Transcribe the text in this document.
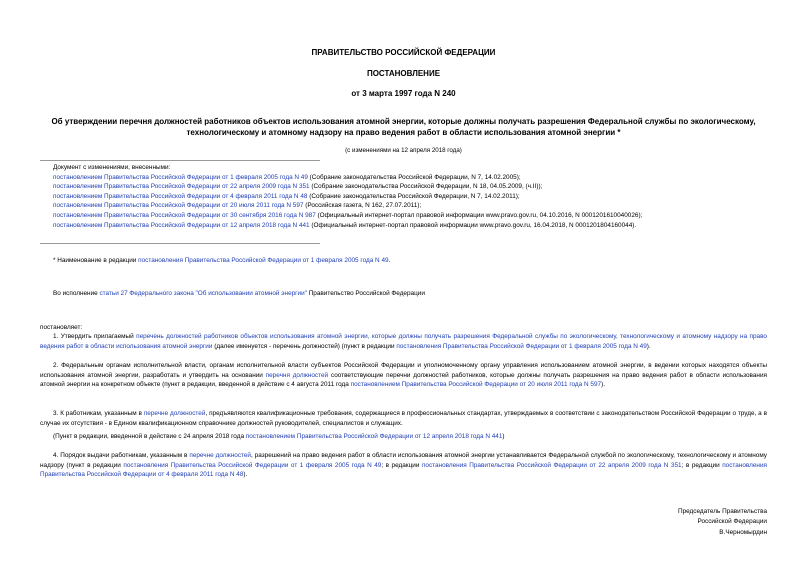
ПРАВИТЕЛЬСТВО РОССИЙСКОЙ ФЕДЕРАЦИИ
ПОСТАНОВЛЕНИЕ
от 3 марта 1997 года N 240
Об утверждении перечня должностей работников объектов использования атомной энергии, которые должны получать разрешения Федеральной службы по экологическому, технологическому и атомному надзору на право ведения работ в области использования атомной энергии *
(с изменениями на 12 апреля 2018 года)
Документ с изменениями, внесенными:
постановлением Правительства Российской Федерации от 1 февраля 2005 года N 49 (Собрание законодательства Российской Федерации, N 7, 14.02.2005);
постановлением Правительства Российской Федерации от 22 апреля 2009 года N 351 (Собрание законодательства Российской Федерации, N 18, 04.05.2009, (ч.II));
постановлением Правительства Российской Федерации от 4 февраля 2011 года N 48 (Собрание законодательства Российской Федерации, N 7, 14.02.2011);
постановлением Правительства Российской Федерации от 20 июля 2011 года N 597 (Российская газета, N 162, 27.07.2011);
постановлением Правительства Российской Федерации от 30 сентября 2016 года N 987 (Официальный интернет-портал правовой информации www.pravo.gov.ru, 04.10.2016, N 0001201610040026);
постановлением Правительства Российской Федерации от 12 апреля 2018 года N 441 (Официальный интернет-портал правовой информации www.pravo.gov.ru, 16.04.2018, N 0001201804160044).
* Наименование в редакции постановления Правительства Российской Федерации от 1 февраля 2005 года N 49.
Во исполнение статьи 27 Федерального закона "Об использовании атомной энергии" Правительство Российской Федерации
постановляет:
1. Утвердить прилагаемый перечень должностей работников объектов использования атомной энергии, которые должны получать разрешения Федеральной службы по экологическому, технологическому и атомному надзору на право ведения работ в области использования атомной энергии (далее именуется - перечень должностей) (пункт в редакции постановления Правительства Российской Федерации от 1 февраля 2005 года N 49).
2. Федеральным органам исполнительной власти, органам исполнительной власти субъектов Российской Федерации и уполномоченному органу управления использованием атомной энергии, в ведении которых находятся объекты использования атомной энергии, разработать и утвердить на основании перечня должностей соответствующие перечни должностей работников, которые должны получать разрешения на право ведения работ в области использования атомной энергии на конкретном объекте (пункт в редакции, введенной в действие с 4 августа 2011 года постановлением Правительства Российской Федерации от 20 июля 2011 года N 597).
3. К работникам, указанным в перечне должностей, предъявляются квалификационные требования, содержащиеся в профессиональных стандартах, утверждаемых в соответствии с законодательством Российской Федерации о труде, а в случае их отсутствия - в Едином квалификационном справочнике должностей руководителей, специалистов и служащих.
(Пункт в редакции, введенной в действие с 24 апреля 2018 года постановлением Правительства Российской Федерации от 12 апреля 2018 года N 441)
4. Порядок выдачи работникам, указанным в перечне должностей, разрешений на право ведения работ в области использования атомной энергии устанавливается Федеральной службой по экологическому, технологическому и атомному надзору (пункт в редакции постановления Правительства Российской Федерации от 1 февраля 2005 года N 49; в редакции постановления Правительства Российской Федерации от 22 апреля 2009 года N 351; в редакции постановления Правительства Российской Федерации от 4 февраля 2011 года N 48).
Председатель Правительства
Российской Федерации
В.Черномырдин
